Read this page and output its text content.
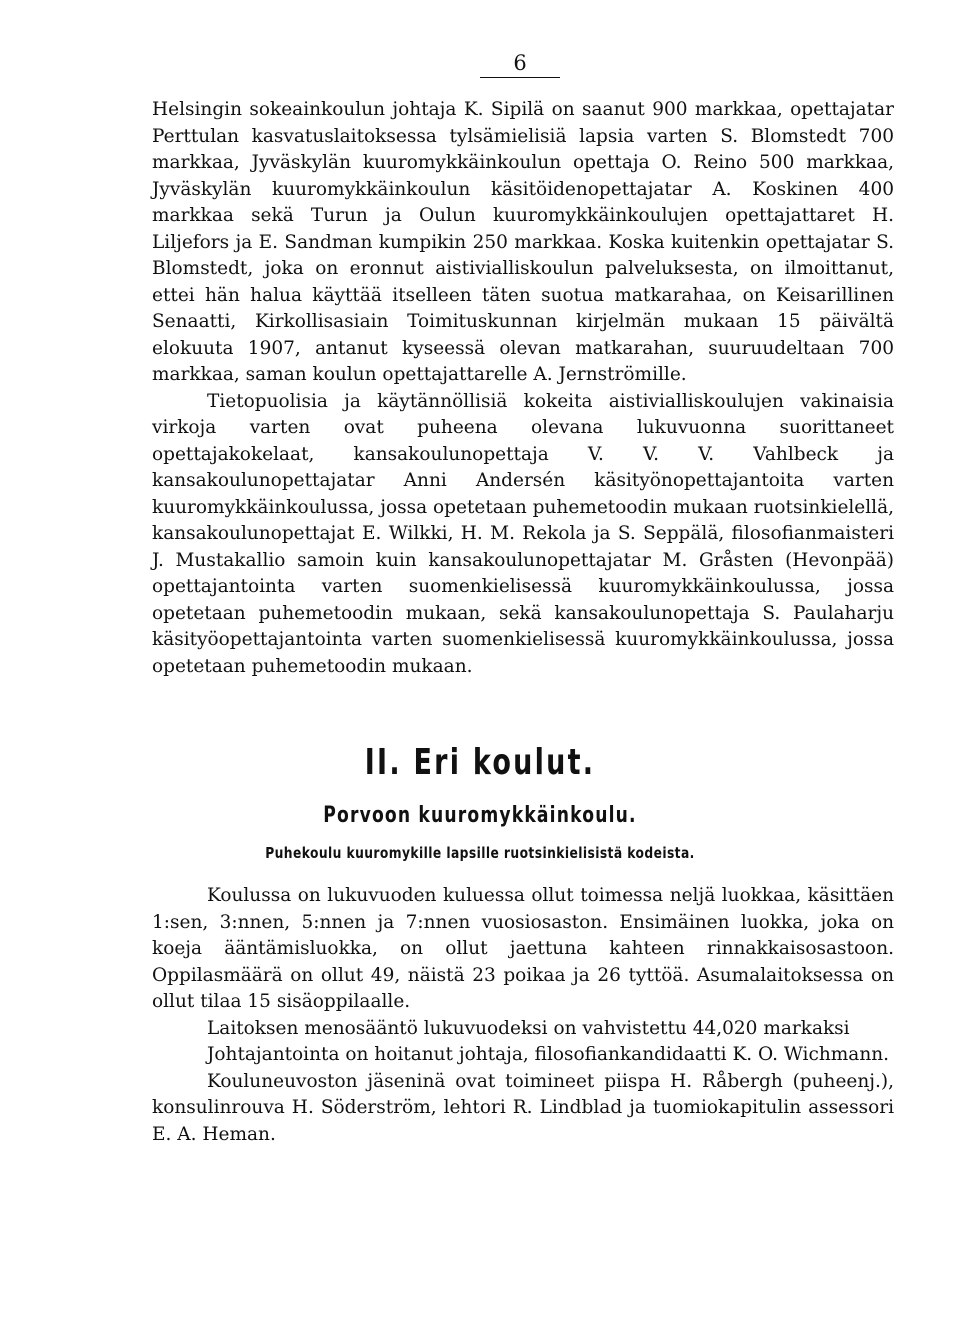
6

Helsingin sokeainkoulun johtaja K. Sipilä on saanut 900 markkaa, opettajatar Perttulan kasvatuslaitoksessa tylsämielisiä lapsia varten S. Blomstedt 700 markkaa, Jyväskylän kuuromykkäinkoulun opettaja O. Reino 500 markkaa, Jyväskylän kuuromykkäinkoulun käsitöidenopettajatar A. Koskinen 400 markkaa sekä Turun ja Oulun kuuromykkäinkoulujen opettajattaret H. Liljefors ja E. Sandman kumpikin 250 markkaa. Koska kuitenkin opettajatar S. Blomstedt, joka on eronnut aistivialliskoulun palveluksesta, on ilmoittanut, ettei hän halua käyttää itselleen täten suotua matkarahaa, on Keisarillinen Senaatti, Kirkollisasiain Toimituskunnan kirjelmän mukaan 15 päivältä elokuuta 1907, antanut kyseessä olevan matkarahan, suuruudeltaan 700 markkaa, saman koulun opettajattarelle A. Jernströmille.

Tietopuolisia ja käytännöllisiä kokeita aistivialliskoulujen vakinaisia virkoja varten ovat puheena olevana lukuvuonna suorittaneet opettajakokelaat, kansakoulunopettaja V. V. V. Vahlbeck ja kansakoulunopettajatar Anni Andersén käsityönopettajantoita varten kuuromykkäinkoulussa, jossa opetetaan puhemetoodin mukaan ruotsinkielellä, kansakoulunopettajat E. Wilkki, H. M. Rekola ja S. Seppälä, filosofianmaisteri J. Mustakallio samoin kuin kansakoulunopettajatar M. Gråsten (Hevonpää) opettajantointa varten suomenkielisessä kuuromykkäinkoulussa, jossa opetetaan puhemetoodin mukaan, sekä kansakoulunopettaja S. Paulaharju käsityöopettajantointa varten suomenkielisessä kuuromykkäinkoulussa, jossa opetetaan puhemetoodin mukaan.

II. Eri koulut.
Porvoon kuuromykkäinkoulu.
Puhekoulu kuuromykille lapsille ruotsinkielisistä kodeista.

Koulussa on lukuvuoden kuluessa ollut toimessa neljä luokkaa, käsittäen 1:sen, 3:nnen, 5:nnen ja 7:nnen vuosiosaston. Ensimäinen luokka, joka on koeja ääntämisluokka, on ollut jaettuna kahteen rinnakkaisosastoon. Oppilasmäärä on ollut 49, näistä 23 poikaa ja 26 tyttöä. Asumalaitoksessa on ollut tilaa 15 sisäoppilaalle.

Laitoksen menosääntö lukuvuodeksi on vahvistettu 44,020 markaksi

Johtajantointa on hoitanut johtaja, filosofiankandidaatti K. O. Wichmann.

Kouluneuvoston jäseninä ovat toimineet piispa H. Råbergh (puheenj.), konsulinrouva H. Söderström, lehtori R. Lindblad ja tuomiokapitulin assessori E. A. Heman.
